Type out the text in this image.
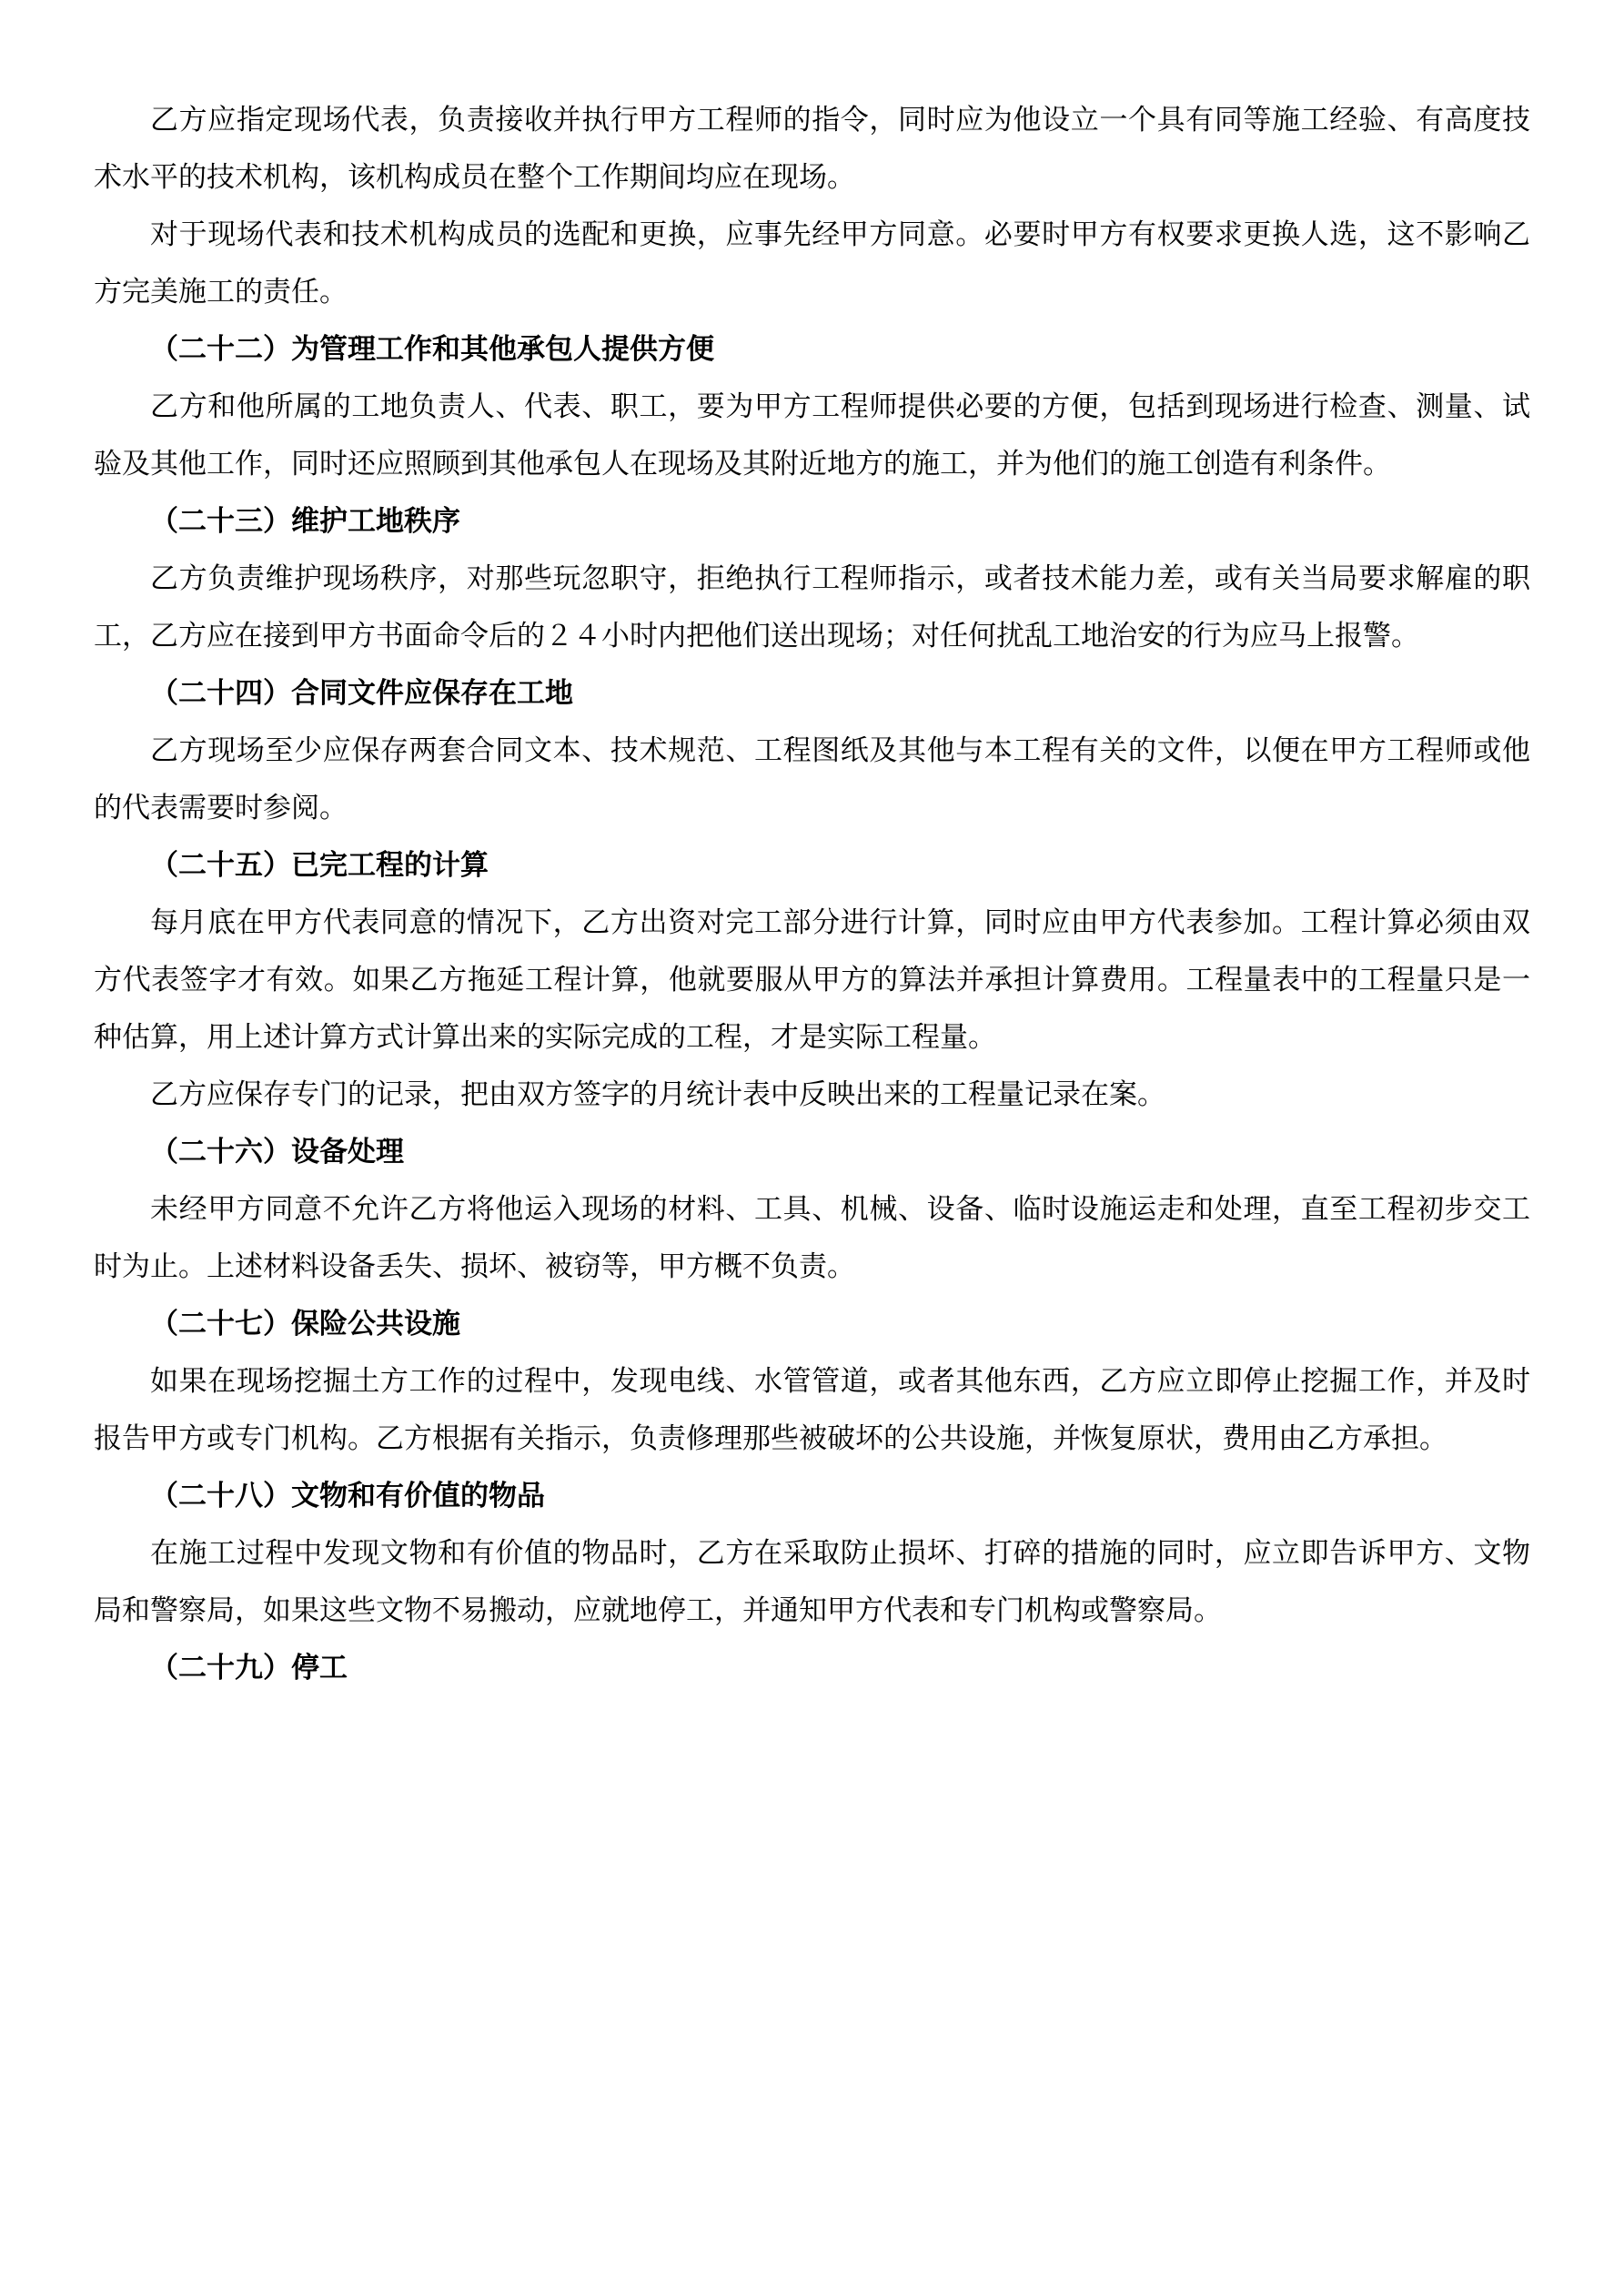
乙方应指定现场代表，负责接收并执行甲方工程师的指令，同时应为他设立一个具有同等施工经验、有高度技术水平的技术机构，该机构成员在整个工作期间均应在现场。

对于现场代表和技术机构成员的选配和更换，应事先经甲方同意。必要时甲方有权要求更换人选，这不影响乙方完美施工的责任。

（二十二）为管理工作和其他承包人提供方便

乙方和他所属的工地负责人、代表、职工，要为甲方工程师提供必要的方便，包括到现场进行检查、测量、试验及其他工作，同时还应照顾到其他承包人在现场及其附近地方的施工，并为他们的施工创造有利条件。

（二十三）维护工地秩序

乙方负责维护现场秩序，对那些玩忽职守，拒绝执行工程师指示，或者技术能力差，或有关当局要求解雇的职工，乙方应在接到甲方书面命令后的２４小时内把他们送出现场；对任何扰乱工地治安的行为应马上报警。

（二十四）合同文件应保存在工地

乙方现场至少应保存两套合同文本、技术规范、工程图纸及其他与本工程有关的文件，以便在甲方工程师或他的代表需要时参阅。

（二十五）已完工程的计算

每月底在甲方代表同意的情况下，乙方出资对完工部分进行计算，同时应由甲方代表参加。工程计算必须由双方代表签字才有效。如果乙方拖延工程计算，他就要服从甲方的算法并承担计算费用。工程量表中的工程量只是一种估算，用上述计算方式计算出来的实际完成的工程，才是实际工程量。

乙方应保存专门的记录，把由双方签字的月统计表中反映出来的工程量记录在案。

（二十六）设备处理

未经甲方同意不允许乙方将他运入现场的材料、工具、机械、设备、临时设施运走和处理，直至工程初步交工时为止。上述材料设备丢失、损坏、被窃等，甲方概不负责。

（二十七）保险公共设施

如果在现场挖掘土方工作的过程中，发现电线、水管管道，或者其他东西，乙方应立即停止挖掘工作，并及时报告甲方或专门机构。乙方根据有关指示，负责修理那些被破坏的公共设施，并恢复原状，费用由乙方承担。

（二十八）文物和有价值的物品

在施工过程中发现文物和有价值的物品时，乙方在采取防止损坏、打碎的措施的同时，应立即告诉甲方、文物局和警察局，如果这些文物不易搬动，应就地停工，并通知甲方代表和专门机构或警察局。

（二十九）停工
